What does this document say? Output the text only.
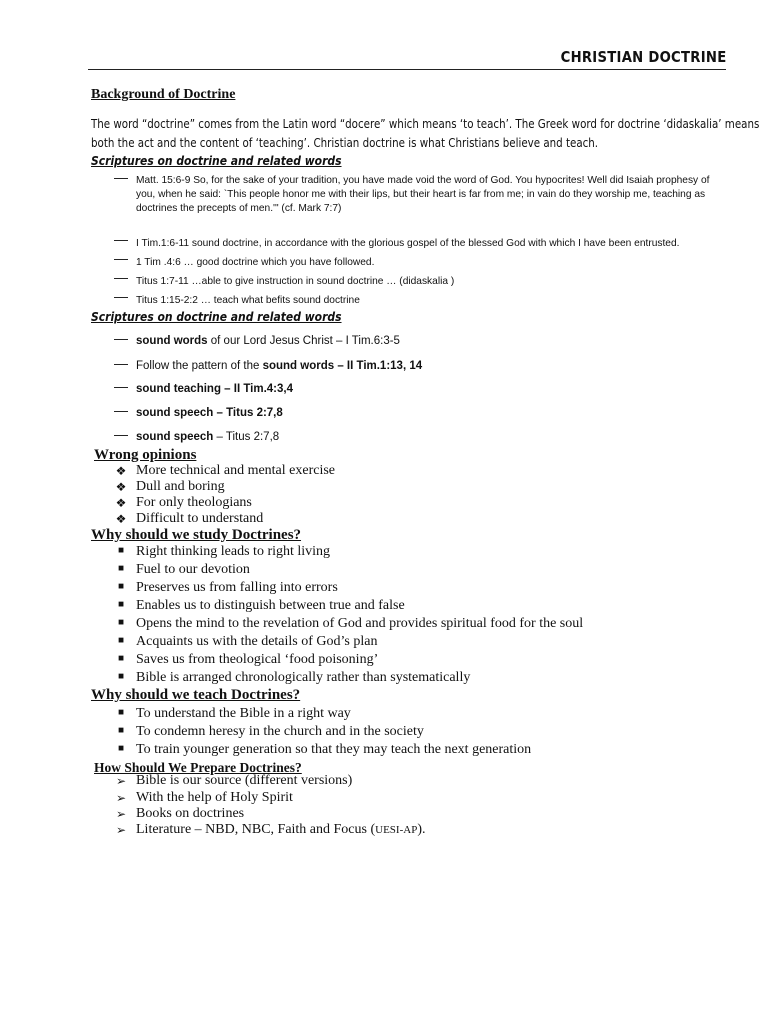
CHRISTIAN DOCTRINE
Background of Doctrine
The word “doctrine” comes from the Latin word “docere” which means ‘to teach’. The Greek word for doctrine ‘didaskalia’ means
both the act and the content of ‘teaching’. Christian doctrine is what Christians believe and teach.
Scriptures on doctrine and related words
— Matt. 15:6-9 So, for the sake of your tradition, you have made void the word of God. You hypocrites! Well did Isaiah prophesy of you, when he said: `This people honor me with their lips, but their heart is far from me; in vain do they worship me, teaching as doctrines the precepts of men.'" (cf. Mark 7:7)
— I Tim.1:6-11 sound doctrine, in accordance with the glorious gospel of the blessed God with which I have been entrusted.
— 1 Tim .4:6 … good doctrine which you have followed.
— Titus 1:7-11 …able to give instruction in sound doctrine … (didaskalia )
— Titus 1:15-2:2 … teach what befits sound doctrine
Scriptures on doctrine and related words
— sound words of our Lord Jesus Christ – I Tim.6:3-5
— Follow the pattern of the sound words – II Tim.1:13, 14
— sound teaching – II Tim.4:3,4
— sound speech – Titus 2:7,8
— sound speech – Titus 2:7,8
Wrong opinions
❖ More technical and mental exercise
❖ Dull and boring
❖ For only theologians
❖ Difficult to understand
Why should we study Doctrines?
■ Right thinking leads to right living
■ Fuel to our devotion
■ Preserves us from falling into errors
■ Enables us to distinguish between true and false
■ Opens the mind to the revelation of God and provides spiritual food for the soul
■ Acquaints us with the details of God’s plan
■ Saves us from theological ‘food poisoning’
■ Bible is arranged chronologically rather than systematically
Why should we teach Doctrines?
■ To understand the Bible in a right way
■ To condemn heresy in the church and in the society
■ To train younger generation so that they may teach the next generation
How Should We Prepare Doctrines?
➢ Bible is our source (different versions)
➢ With the help of Holy Spirit
➢ Books on doctrines
➢ Literature – NBD, NBC, Faith and Focus (UESI-AP).
